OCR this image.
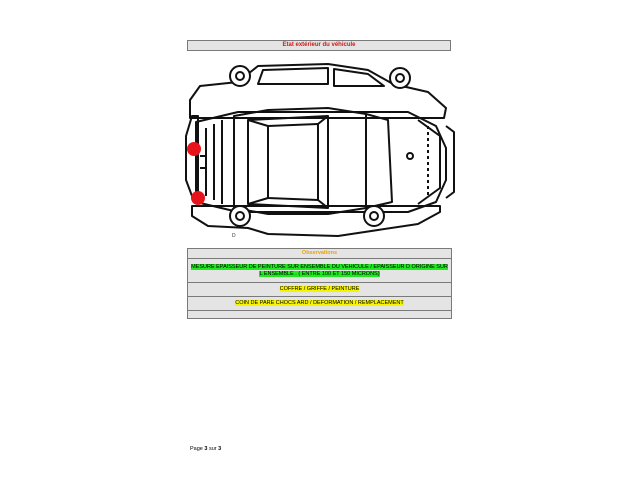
Etat extérieur du véhicule
D
Observations
MESURE EPAISSEUR DE PEINTURE SUR ENSEMBLE DU VEHICULE / EPAISSEUR D ORIGINE SUR L ENSEMBLE . ( ENTRE 100 ET 150 MICRONS)
COFFRE / GRIFFE / PEINTURE
COIN DE PARE CHOCS ARD / DEFORMATION / REMPLACEMENT

Page 3 sur 3
